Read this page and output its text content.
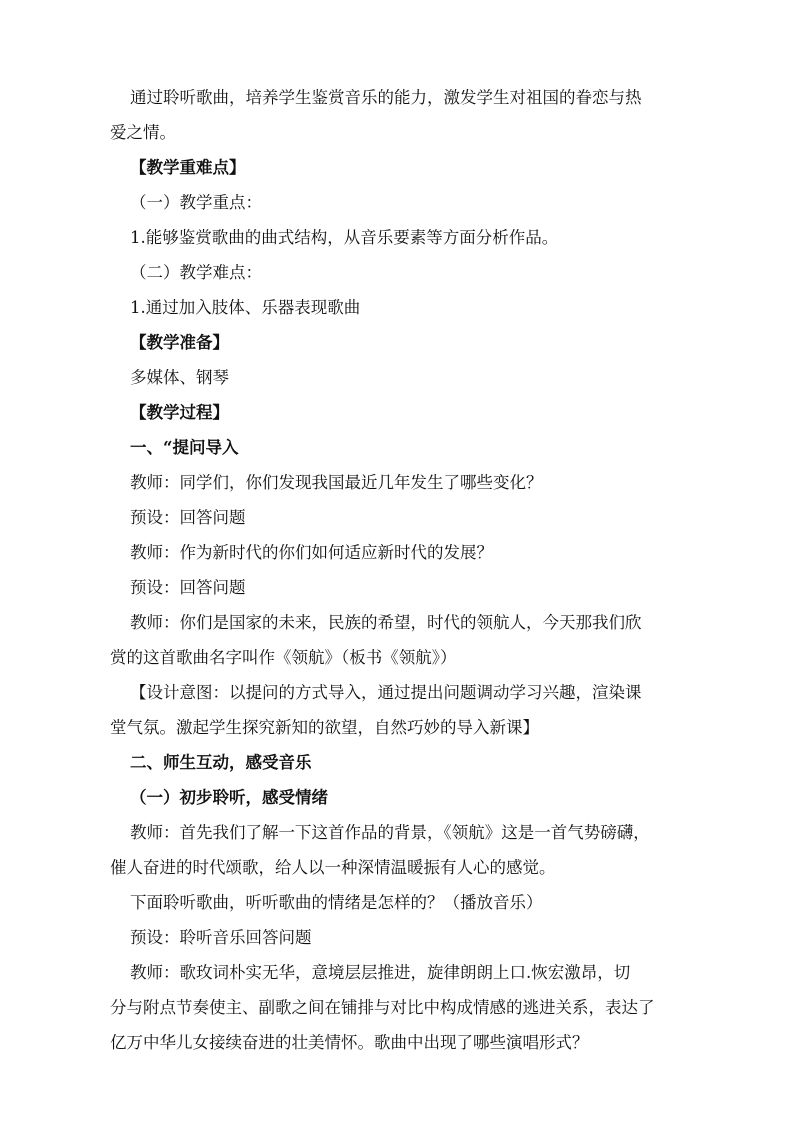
通过聆听歌曲，培养学生鉴赏音乐的能力，激发学生对祖国的眷恋与热
爱之情。
【教学重难点】
（一）教学重点：
1.能够鉴赏歌曲的曲式结构，从音乐要素等方面分析作品。
（二）教学难点：
1.通过加入肢体、乐器表现歌曲
【教学准备】
多媒体、钢琴
【教学过程】
一、“提问导入
教师：同学们，你们发现我国最近几年发生了哪些变化？
预设：回答问题
教师：作为新时代的你们如何适应新时代的发展？
预设：回答问题
教师：你们是国家的未来，民族的希望，时代的领航人，今天那我们欣
赏的这首歌曲名字叫作《领航》（板书《领航》）
【设计意图：以提问的方式导入，通过提出问题调动学习兴趣，渲染课
堂气氛。激起学生探究新知的欲望，自然巧妙的导入新课】
二、师生互动，感受音乐
（一）初步聆听，感受情绪
教师：首先我们了解一下这首作品的背景，《领航》这是一首气势磅礴，
催人奋进的时代颂歌，给人以一种深情温暖振有人心的感觉。
下面聆听歌曲，听听歌曲的情绪是怎样的？（播放音乐）
预设：聆听音乐回答问题
教师：歌玫词朴实无华，意境层层推进，旋律朗朗上口.恢宏激昂，切
分与附点节奏使主、副歌之间在铺排与对比中构成情感的逃进关系，表达了
亿万中华儿女接续奋进的壮美情怀。歌曲中出现了哪些演唱形式？
